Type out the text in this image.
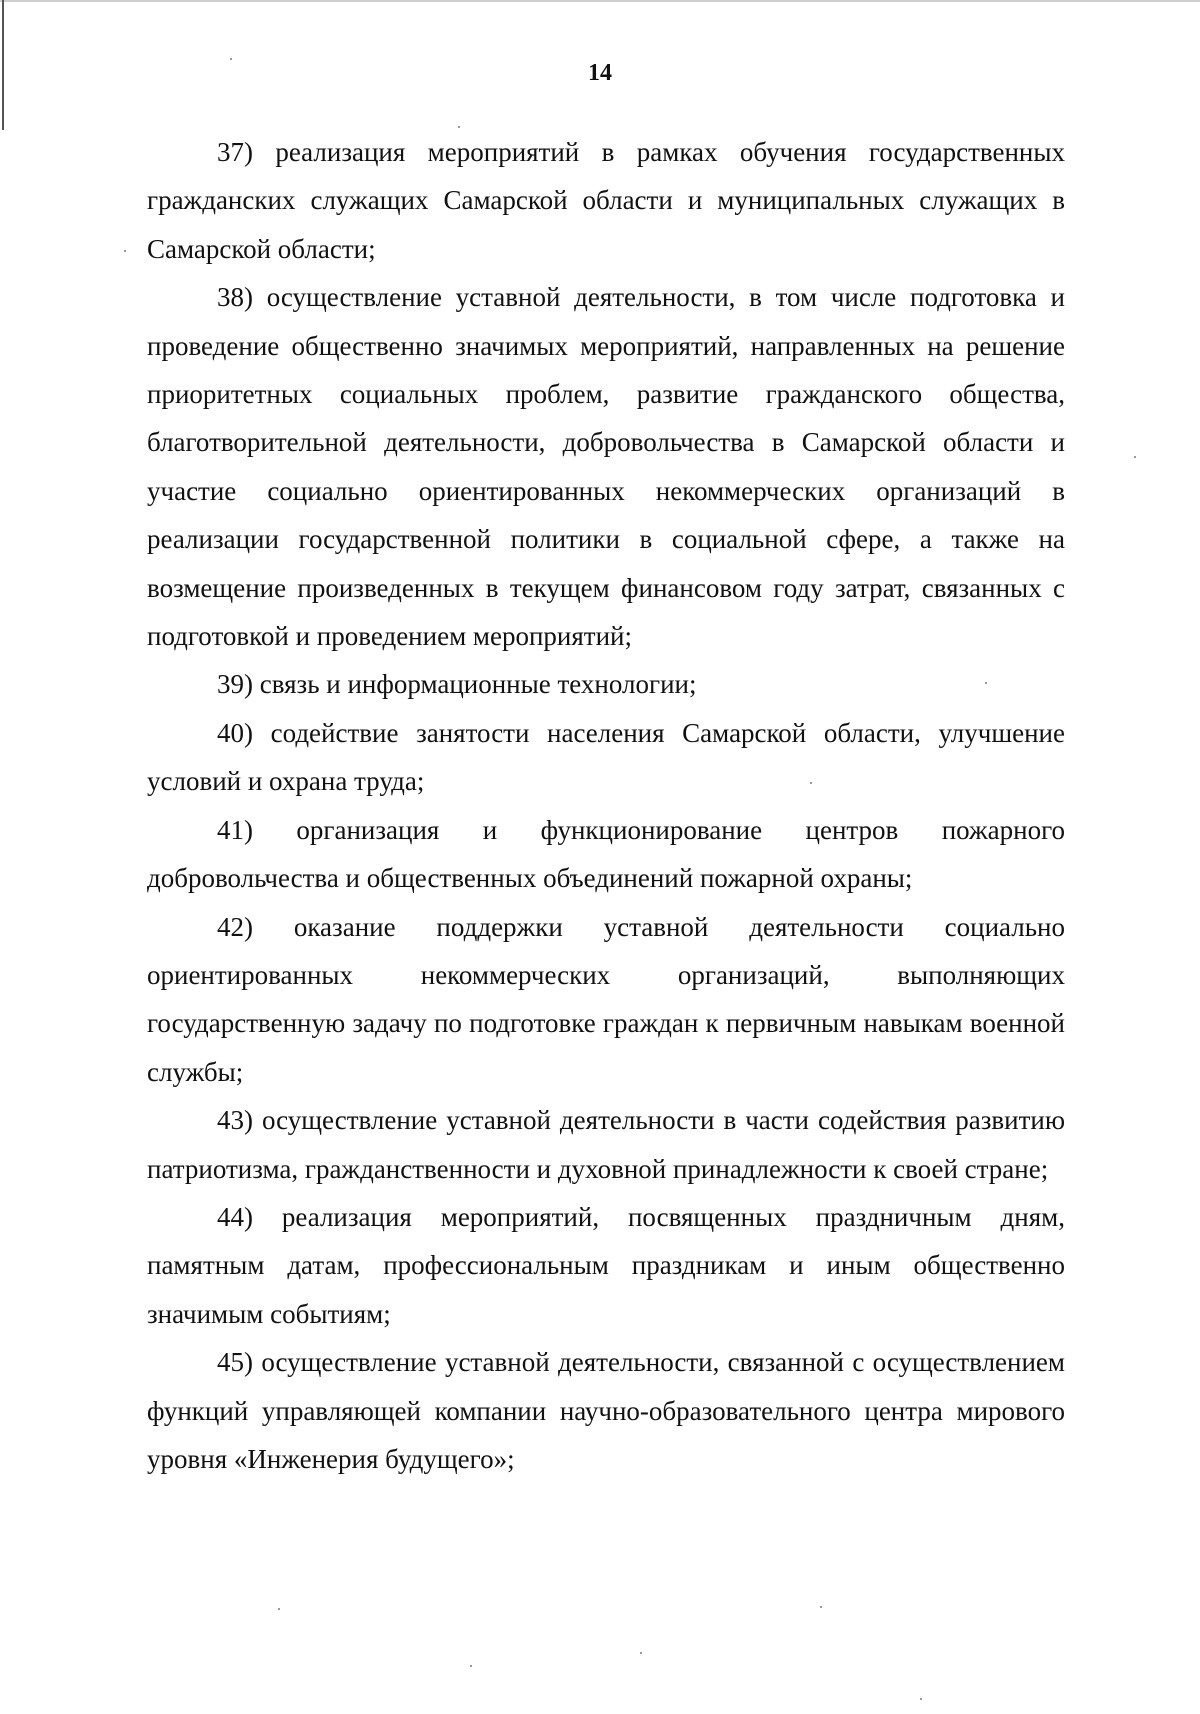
14

37) реализация мероприятий в рамках обучения государственных гражданских служащих Самарской области и муниципальных служащих в Самарской области;

38) осуществление уставной деятельности, в том числе подготовка и проведение общественно значимых мероприятий, направленных на решение приоритетных социальных проблем, развитие гражданского общества, благотворительной деятельности, добровольчества в Самарской области и участие социально ориентированных некоммерческих организаций в реализации государственной политики в социальной сфере, а также на возмещение произведенных в текущем финансовом году затрат, связанных с подготовкой и проведением мероприятий;

39) связь и информационные технологии;

40) содействие занятости населения Самарской области, улучшение условий и охрана труда;

41) организация и функционирование центров пожарного добровольчества и общественных объединений пожарной охраны;

42) оказание поддержки уставной деятельности социально ориентированных некоммерческих организаций, выполняющих государственную задачу по подготовке граждан к первичным навыкам военной службы;

43) осуществление уставной деятельности в части содействия развитию патриотизма, гражданственности и духовной принадлежности к своей стране;

44) реализация мероприятий, посвященных праздничным дням, памятным датам, профессиональным праздникам и иным общественно значимым событиям;

45) осуществление уставной деятельности, связанной с осуществлением функций управляющей компании научно-образовательного центра мирового уровня «Инженерия будущего»;
